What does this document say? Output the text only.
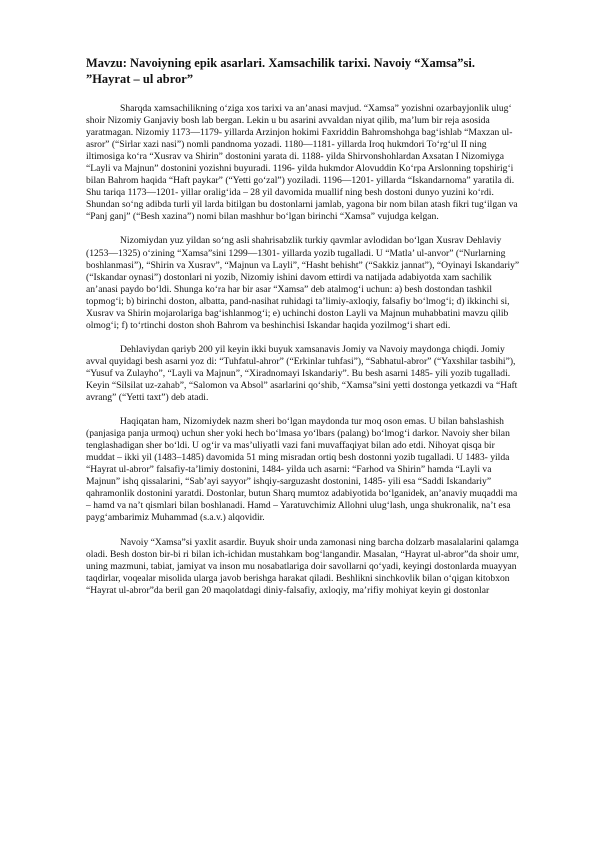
Mavzu: Navoiyning epik asarlari. Xamsachilik tarixi. Navoiy “Xamsa”si. ”Hayrat – ul abror”

Sharqda xamsachilikning o‘ziga xos tarixi va an’anasi mavjud. “Xamsa” yozishni ozarbayjonlik ulug‘ shoir Nizomiy Ganjaviy bosh lab bergan. Lekin u bu asarini avvaldan niyat qilib, ma’lum bir reja asosida yaratmagan. Nizomiy 1173—1179- yillarda Arzinjon hokimi Faxriddin Bahromshohga bag‘ishlab “Maxzan ul-asror” (“Sirlar xazi nasi”) nomli pandnoma yozadi. 1180—1181- yillarda Iroq hukmdori To‘rg‘ul II ning iltimosiga ko‘ra “Xusrav va Shirin” dostonini yarata di. 1188- yilda Shirvonshohlardan Axsatan I Nizomiyga “Layli va Majnun” dostonini yozishni buyuradi. 1196- yilda hukmdor Alovuddin Ko‘rpa Arslonning topshirig‘i bilan Bahrom haqida “Haft paykar” (“Yetti go‘zal”) yoziladi. 1196—1201- yillarda “Iskandarnoma” yaratila di. Shu tariqa 1173—1201- yillar oralig‘ida – 28 yil davomida muallif ning besh dostoni dunyo yuzini ko‘rdi. Shundan so‘ng adibda turli yil larda bitilgan bu dostonlarni jamlab, yagona bir nom bilan atash fikri tug‘ilgan va “Panj ganj” (“Besh xazina”) nomi bilan mashhur bo‘lgan birinchi “Xamsa” vujudga kelgan.

Nizomiydan yuz yildan so‘ng asli shahrisabzlik turkiy qavmlar avlodidan bo‘lgan Xusrav Dehlaviy (1253—1325) o‘zining “Xamsa”sini 1299—1301- yillarda yozib tugalladi. U “Matla’ ul-anvor” (“Nurlarning boshlanmasi”), “Shirin va Xusrav”, “Majnun va Layli”, “Hasht behisht” (“Sakkiz jannat”), “Oyinayi Iskandariy” (“Iskandar oynasi”) dostonlari ni yozib, Nizomiy ishini davom ettirdi va natijada adabiyotda xam sachilik an’anasi paydo bo‘ldi. Shunga ko‘ra har bir asar “Xamsa” deb atalmog‘i uchun: a) besh dostondan tashkil topmog‘i; b) birinchi doston, albatta, pand-nasihat ruhidagi ta’limiy-axloqiy, falsafiy bo‘lmog‘i; d) ikkinchi si, Xusrav va Shirin mojarolariga bag‘ishlanmog‘i; e) uchinchi doston Layli va Majnun muhabbatini mavzu qilib olmog‘i; f) to‘rtinchi doston shoh Bahrom va beshinchisi Iskandar haqida yozilmog‘i shart edi.

Dehlaviydan qariyb 200 yil keyin ikki buyuk xamsanavis Jomiy va Navoiy maydonga chiqdi. Jomiy avval quyidagi besh asarni yoz di: “Tuhfatul-ahror” (“Erkinlar tuhfasi”), “Sabhatul-abror” (“Yaxshilar tasbihi”), “Yusuf va Zulayho”, “Layli va Majnun”, “Xiradnomayi Iskandariy”. Bu besh asarni 1485- yili yozib tugalladi. Keyin “Silsilat uz-zahab”, “Salomon va Absol” asarlarini qo‘shib, “Xamsa”sini yetti dostonga yetkazdi va “Haft avrang” (“Yetti taxt”) deb atadi.

Haqiqatan ham, Nizomiydek nazm sheri bo‘lgan maydonda tur moq oson emas. U bilan bahslashish (panjasiga panja urmoq) uchun sher yoki hech bo‘lmasa yo‘lbars (palang) bo‘lmog‘i darkor. Navoiy sher bilan tenglashadigan sher bo‘ldi. U og‘ir va mas’uliyatli vazi fani muvaffaqiyat bilan ado etdi. Nihoyat qisqa bir muddat – ikki yil (1483–1485) davomida 51 ming misradan ortiq besh dostonni yozib tugalladi. U 1483- yilda “Hayrat ul-abror” falsafiy-ta’limiy dostonini, 1484- yilda uch asarni: “Farhod va Shirin” hamda “Layli va Majnun” ishq qissalarini, “Sab’ayi sayyor” ishqiy-sarguzasht dostonini, 1485- yili esa “Saddi Iskandariy” qahramonlik dostonini yaratdi. Dostonlar, butun Sharq mumtoz adabiyotida bo‘lganidek, an’anaviy muqaddi ma – hamd va na’t qismlari bilan boshlanadi. Hamd – Yaratuvchimiz Allohni ulug‘lash, unga shukronalik, na’t esa payg‘ambarimiz Muhammad (s.a.v.) alqovidir.

Navoiy “Xamsa”si yaxlit asardir. Buyuk shoir unda zamonasi ning barcha dolzarb masalalarini qalamga oladi. Besh doston bir-bi ri bilan ich-ichidan mustahkam bog‘langandir. Masalan, “Hayrat ul-abror”da shoir umr, uning mazmuni, tabiat, jamiyat va inson mu nosabatlariga doir savollarni qo‘yadi, keyingi dostonlarda muayyan taqdirlar, voqealar misolida ularga javob berishga harakat qiladi. Beshlikni sinchkovlik bilan o‘qigan kitobxon “Hayrat ul-abror”da beril gan 20 maqolatdagi diniy-falsafiy, axloqiy, ma’rifiy mohiyat keyin gi dostonlar
